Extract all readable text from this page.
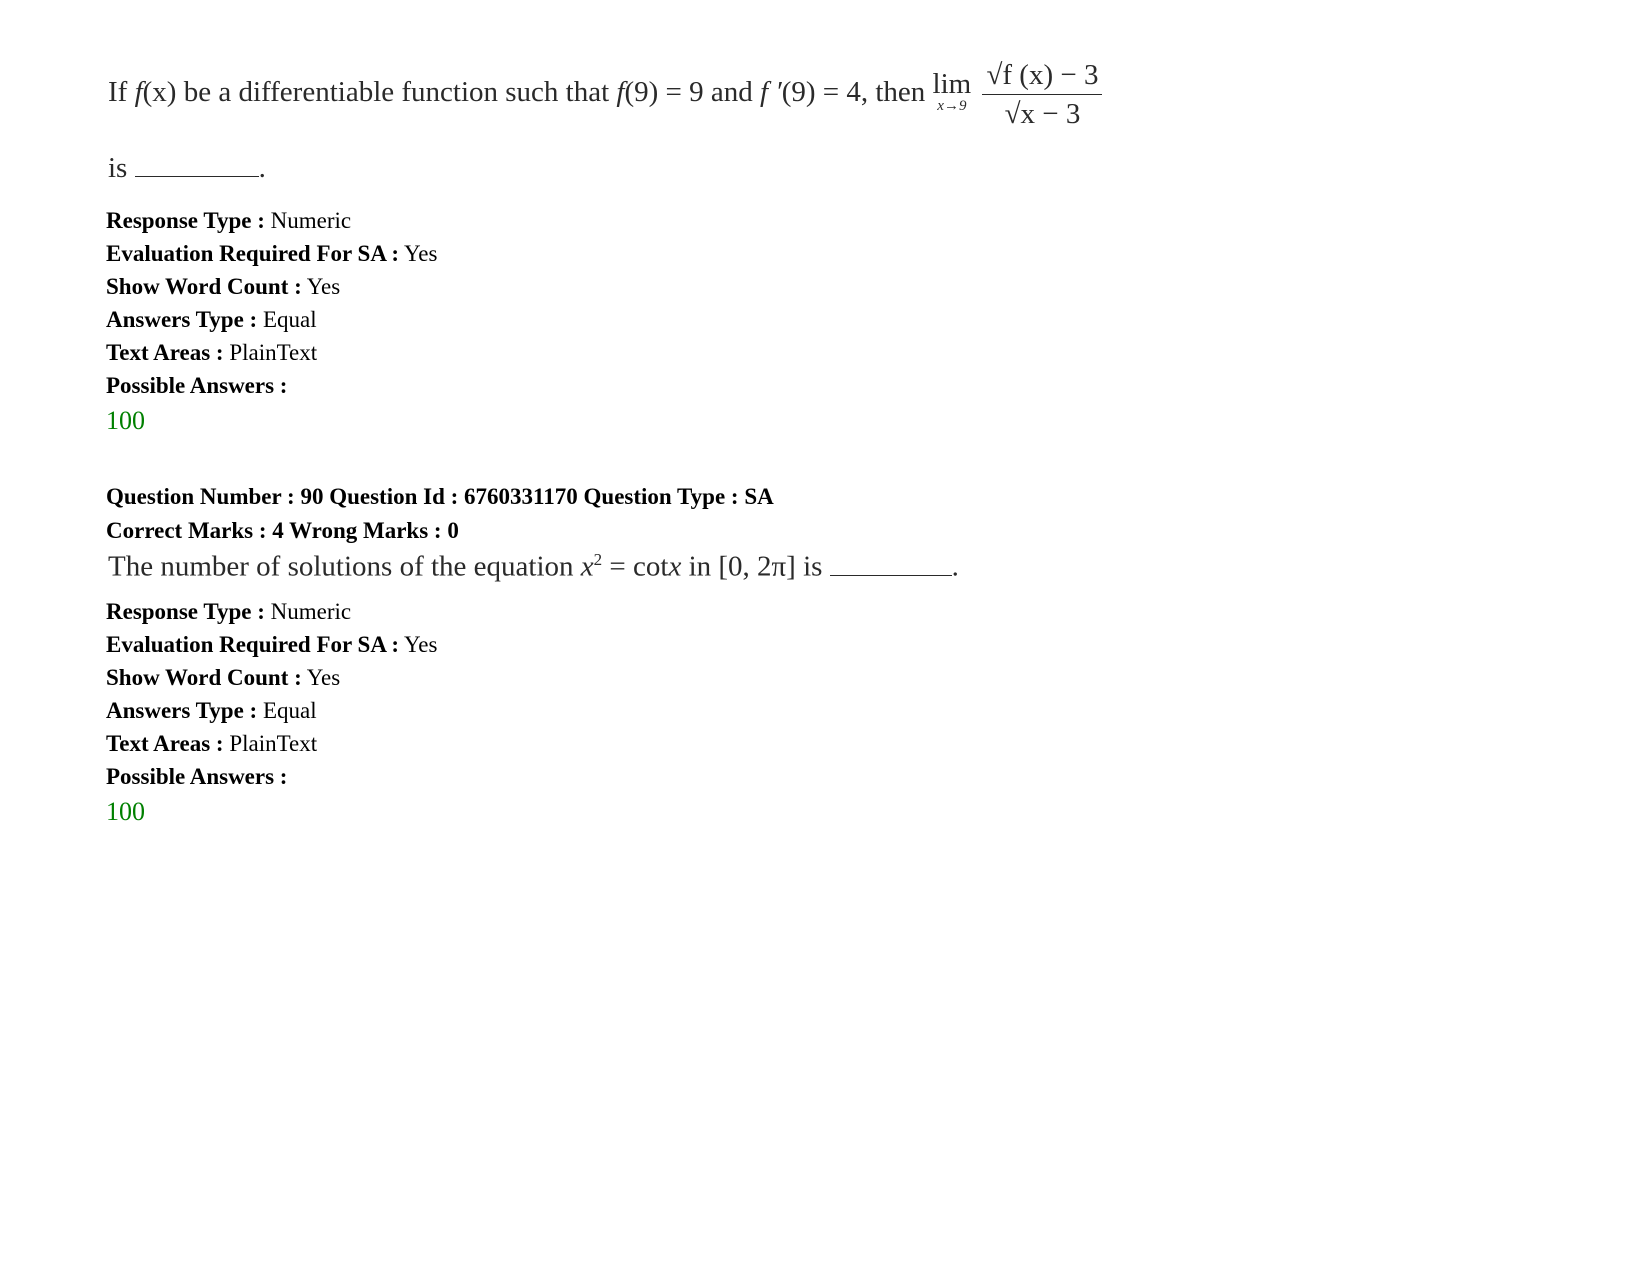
If f(x) be a differentiable function such that f(9) = 9 and f ′(9) = 4, then lim
x→9
$\frac{√f (x) - 3}{√x - 3}$
is	.
Response Type : Numeric
Evaluation Required For SA : Yes
Show Word Count : Yes
Answers Type : Equal
Text Areas : PlainText
Possible Answers :
100
Question Number : 90 Question Id : 6760331170 Question Type : SA
Correct Marks : 4 Wrong Marks : 0
The number of solutions of the equation $x^2 = \cot x$ in [0, 2π] is	.
Response Type : Numeric
Evaluation Required For SA : Yes
Show Word Count : Yes
Answers Type : Equal
Text Areas : PlainText
Possible Answers :
100
